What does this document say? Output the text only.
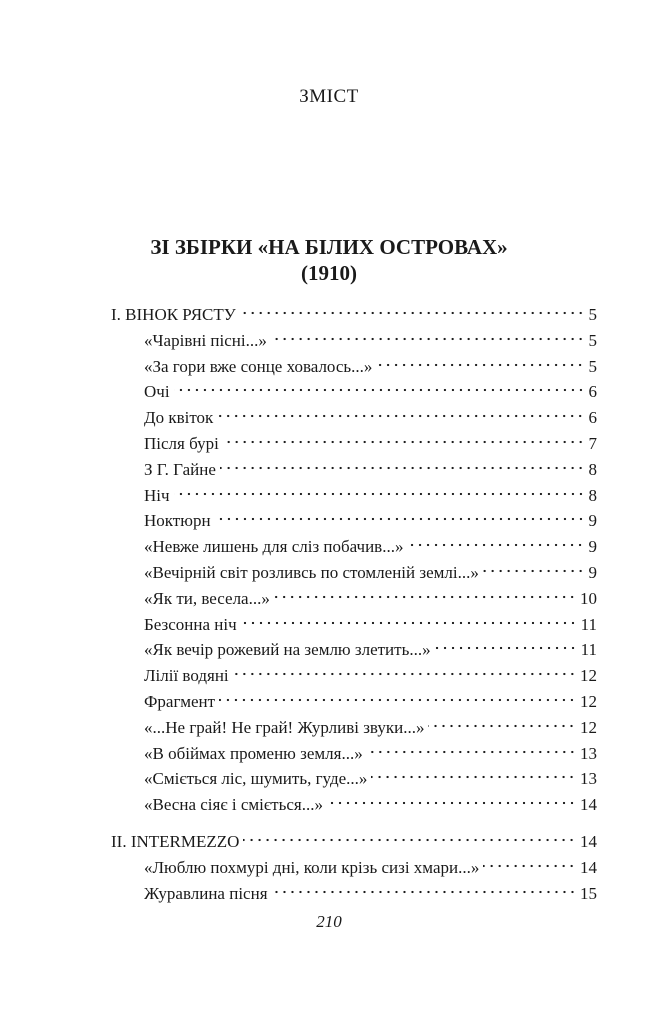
ЗМІСТ
ЗІ ЗБІРКИ «НА БІЛИХ ОСТРОВАХ»
(1910)
I. ВІНОК РЯСТУ	5
«Чарівні пісні...»	5
«За гори вже сонце ховалось...»	5
Очі	6
До квіток	6
Після бурі	7
З Г. Гайне	8
Ніч	8
Ноктюрн	9
«Невже лишень для сліз побачив...»	9
«Вечірній світ розливсь по стомленій землі...»	9
«Як ти, весела...»	10
Безсонна ніч	11
«Як вечір рожевий на землю злетить...»	11
Лілії водяні	12
Фрагмент	12
«...Не грай! Не грай! Журливі звуки...»	12
«В обіймах променю земля...»	13
«Сміється ліс, шумить, гуде...»	13
«Весна сіяє і сміється...»	14
II. INTERMEZZO	14
«Люблю похмурі дні, коли крізь сизі хмари...»	14
Журавлина пісня	15
210
